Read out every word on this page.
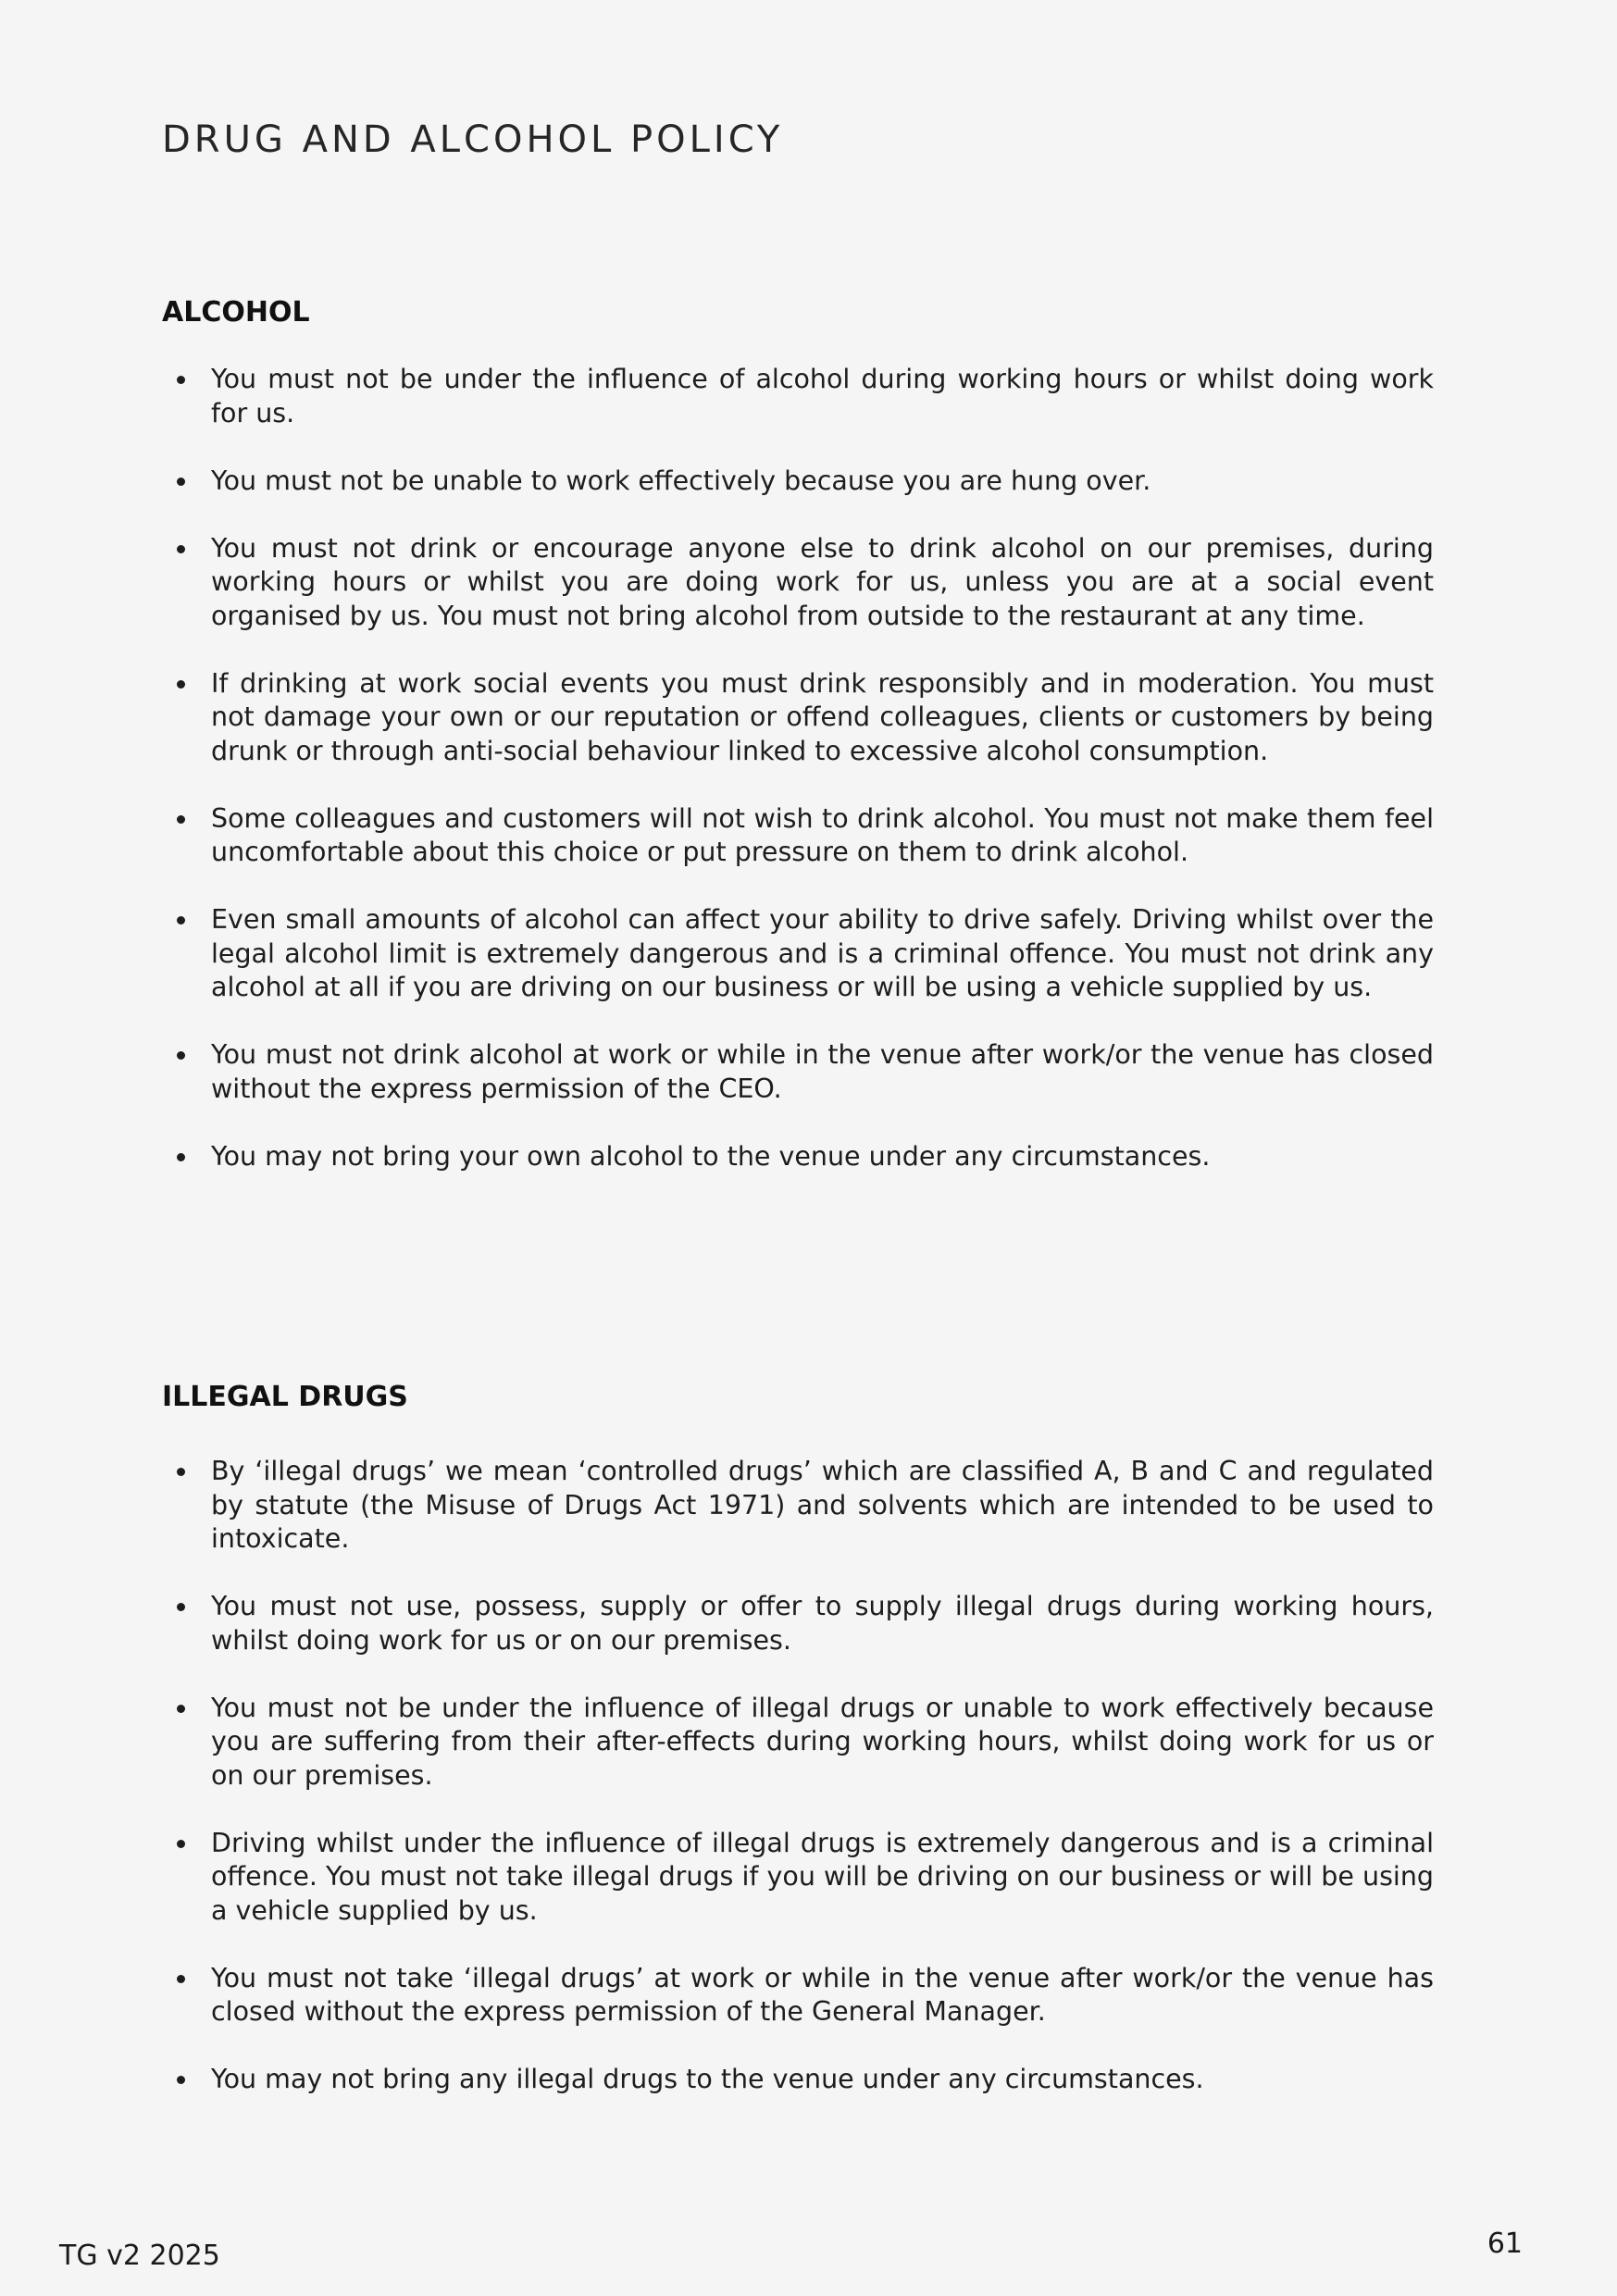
DRUG AND ALCOHOL POLICY
ALCOHOL
You must not be under the influence of alcohol during working hours or whilst doing work for us.
You must not be unable to work effectively because you are hung over.
You must not drink or encourage anyone else to drink alcohol on our premises, during working hours or whilst you are doing work for us, unless you are at a social event organised by us. You must not bring alcohol from outside to the restaurant at any time.
If drinking at work social events you must drink responsibly and in moderation. You must not damage your own or our reputation or offend colleagues, clients or customers by being drunk or through anti-social behaviour linked to excessive alcohol consumption.
Some colleagues and customers will not wish to drink alcohol. You must not make them feel uncomfortable about this choice or put pressure on them to drink alcohol.
Even small amounts of alcohol can affect your ability to drive safely. Driving whilst over the legal alcohol limit is extremely dangerous and is a criminal offence. You must not drink any alcohol at all if you are driving on our business or will be using a vehicle supplied by us.
You must not drink alcohol at work or while in the venue after work/or the venue has closed without the express permission of the CEO.
You may not bring your own alcohol to the venue under any circumstances.
ILLEGAL DRUGS
By ‘illegal drugs’ we mean ‘controlled drugs’ which are classified A, B and C and regulated by statute (the Misuse of Drugs Act 1971) and solvents which are intended to be used to intoxicate.
You must not use, possess, supply or offer to supply illegal drugs during working hours, whilst doing work for us or on our premises.
You must not be under the influence of illegal drugs or unable to work effectively because you are suffering from their after-effects during working hours, whilst doing work for us or on our premises.
Driving whilst under the influence of illegal drugs is extremely dangerous and is a criminal offence. You must not take illegal drugs if you will be driving on our business or will be using a vehicle supplied by us.
You must not take ‘illegal drugs’ at work or while in the venue after work/or the venue has closed without the express permission of the General Manager.
You may not bring any illegal drugs to the venue under any circumstances.
TG v2 2025	61
